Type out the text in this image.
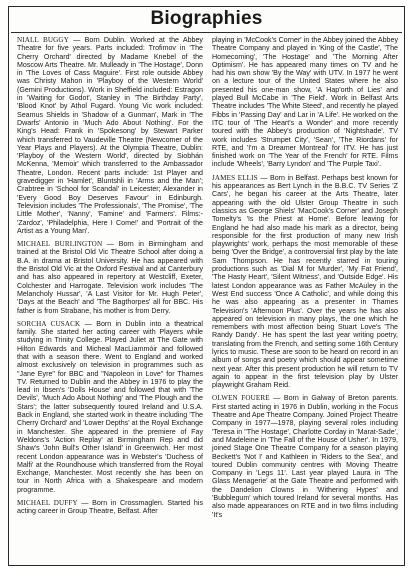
Biographies

NIALL BUGGY — Born Dublin. Worked at the Abbey Theatre for five years. Parts included: Trofimov in 'The Cherry Orchard' directed by Madame Knebel of the Moscow Arts Theatre. Mr. Mulleady in 'The Hostage', Donn in 'The Loves of Cass Maguire'. First role outside Abbey was Christy Mahon in 'Playboy of the Western World' (Gemini Productions). Work in Sheffield included: Estragon in 'Waiting for Godot', Stanley in 'The Birthday Party', 'Blood Knot' by Athol Fugard. Young Vic work included: Seamus Shields in 'Shadow of a Gunman', Mark in 'The Dwarfs' Antonio in 'Much Ado About Nothing'. For the King's Head: Frank in 'Spokesong' by Stewart Parker which transferred to Vaudeville Theatre (Newcomer of the Year Plays and Players). At the Olympia Theatre, Dublin: 'Playboy of the Western World', directed by Siobhán McKenna, 'Memoir' which transferred to the Ambassador Theatre, London. Recent parts include: 1st Player and gravedigger in 'Hamlet', Bluntshli in 'Arms and the Man'; Crabtree in 'School for Scandal' in Leicester; Alexander in 'Every Good Boy Deserves Favour' in Edinburgh. Television includes 'The Professionals', 'The Promise', 'The Little Mother', 'Nanny', 'Famine' and 'Farmers'. Films:- 'Zardoz', 'Philadelphia, Here I Come!' and 'Portrait of the Artist as a Young Man'.

MICHAEL BURLINGTON — Born in Birmingham and trained at the Bristol Old Vic Theatre School after doing a B.A. in drama at Bristol University. He has appeared with the Bristol Old Vic at the Oxford Festival and at Canterbury and has also appeared in repertory at Westcliff, Exeter, Colchester and Harrogate. Television work includes 'The Melancholy Hussar', 'A Last Visitor for Mr. Hugh Peter', 'Days at the Beach' and 'The Bagthorpes' all for BBC. His father is from Strabane, his mother is from Derry.

SORCHA CUSACK — Born in Dublin into a theatrical family. She started her acting career with Players while studying in Trinity College. Played Juliet at The Gate with Hilton Edwards and Micheal MacLiammóir and followed that with a season there. Went to England and worked almost exclusively on television in programmes such as "Jane Eyre" for BBC and "Napoleon in Love" for Thames TV. Returned to Dublin and the Abbey in 1976 to play the lead in Ibsen's 'Dolls House' and followed that with 'The Devils', 'Much Ado About Nothing' and 'The Plough and the Stars'; the latter subsequently toured Ireland and U.S.A. Back in England, she started work in theatre including 'The Cherry Orchard' and 'Lower Depths' at the Royal Exchange in Manchester. She appeared in the premiere of Fay Weldons's 'Action Replay' at Birmingham Rep and did Shaw's 'John Bull's Other Island' in Greenwich. Her most recent London appearance was in Webster's 'Duchess of Malfi' at the Roundhouse which transferred from the Royal Exchange, Manchester. Most recently she has been on tour in North Africa with a Shakespeare and modern programme.

MICHAEL DUFFY — Born in Crossmaglen. Started his acting career in Group Theatre, Belfast. After

playing in 'McCook's Corner' in the Abbey joined the Abbey Theatre Company and played in 'King of the Castle', 'The Homecoming', 'The Hostage' and 'The Morning After Optimism'. He has appeared many times on TV and he had his own show 'By the Way' with UTV. In 1977 he went on a lecture tour of the United States where he also presented his one-man show, 'A Hap'orth of Lies' and played Bull McCabe in 'The Field'. Work in Belfast Arts Theatre includes 'The White Steed', and recently he played Fibbs in 'Passing Day' and Lar in 'A Life'. He worked on the ITC tour of 'The Heart's a Wonder' and more recently toured with the Abbey's production of 'Nightshade'. TV work includes 'Strumpet City', 'Sean', 'The Riordans' for RTE, and 'I'm a Dreamer Montreal' for ITV. He has just finished work on 'The Year of the French' for RTE. Films include 'Wheels', 'Barry Lyndon' and 'The Purple Taxi'.

JAMES ELLIS — Born in Belfast. Perhaps best known for his appearances as Bert Lynch in the B.B.C. TV Series 'Z Cars', he began his career at the Arts Theatre, later appearing with the old Ulster Group Theatre in such classics as George Shiels' 'MacCook's Corner' and Joseph Tomelty's 'Is the Priest at Home'. Before leaving for England he had also made his mark as a director, being responsible for the first production of many new Irish playwrights' work, perhaps the most memorable of these being 'Over the Bridge', a controversial first play by the late Sam Thompson. He has recently starred in touring productions such as 'Dial M for Murder', 'My Fat Friend', 'The Hasty Heart', 'Silent Witness', and 'Outside Edge'. His latest London appearance was as Father McAuley in the West End success 'Once A Catholic', and while doing this he was also appearing as a presenter in Thames Television's 'Afternoon Plus'. Over the years he has also appeared on television in many plays, the one which he remembers with most affection being Stuart Love's 'The Randy Dandy'. He has spent the last year writing poetry, translating from the French, and setting some 16th Century lyrics to music. These are soon to be heard on record in an album of songs and poetry which should appear sometime next year. After this present production he will return to TV again to appear in the first television play by Ulster playwright Graham Reid.

OLWEN FOUERE — Born in Galway of Breton parents. First started acting in 1976 in Dublin, working in the Focus Theatre and Ape Theatre Company. Joined Project Theatre Company in 1977—1978, playing several roles including 'Teresa in "The Hostage', Charlotte Corday in 'Marat-Sade', and Madeleine in 'The Fall of the House of Usher'. In 1979, joined Stage One Theatre Company for a season playing Beckett's 'Not I' and Kathleen in 'Riders to the Sea', and toured Dublin community centres with Moving Theatre Company in 'Legs 11'. Last year played Laura in 'The Glass Menagerie' at the Gate Theatre and performed with the Dandelion Clowns in 'Withering Hypes' and 'Bubblegum' which toured Ireland for several months. Has also made appearances on RTE and in two films including 'It's
